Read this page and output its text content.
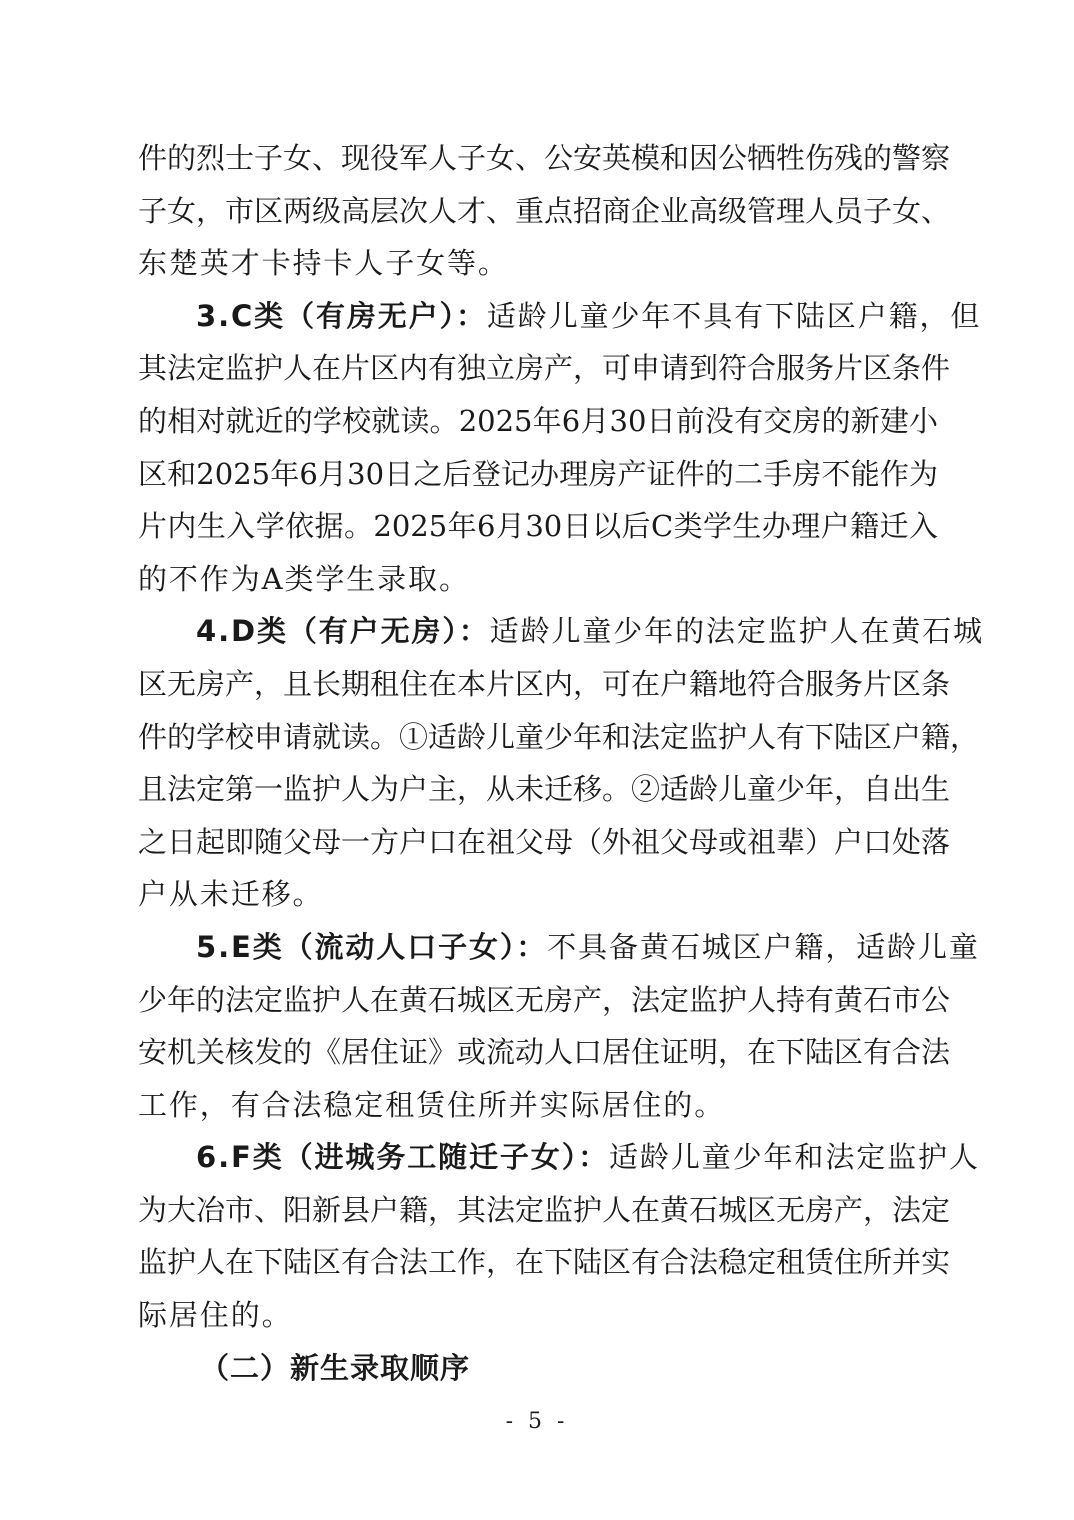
件的烈士子女、现役军人子女、公安英模和因公牺牲伤残的警察
子女，市区两级高层次人才、重点招商企业高级管理人员子女、
东楚英才卡持卡人子女等。
3.C类（有房无户）：适龄儿童少年不具有下陆区户籍，但
其法定监护人在片区内有独立房产，可申请到符合服务片区条件
的相对就近的学校就读。2025年6月30日前没有交房的新建小
区和2025年6月30日之后登记办理房产证件的二手房不能作为
片内生入学依据。2025年6月30日以后C类学生办理户籍迁入
的不作为A类学生录取。
4.D类（有户无房）：适龄儿童少年的法定监护人在黄石城
区无房产，且长期租住在本片区内，可在户籍地符合服务片区条
件的学校申请就读。①适龄儿童少年和法定监护人有下陆区户籍，
且法定第一监护人为户主，从未迁移。②适龄儿童少年，自出生
之日起即随父母一方户口在祖父母（外祖父母或祖辈）户口处落
户从未迁移。
5.E类（流动人口子女）：不具备黄石城区户籍，适龄儿童
少年的法定监护人在黄石城区无房产，法定监护人持有黄石市公
安机关核发的《居住证》或流动人口居住证明，在下陆区有合法
工作，有合法稳定租赁住所并实际居住的。
6.F类（进城务工随迁子女）：适龄儿童少年和法定监护人
为大冶市、阳新县户籍，其法定监护人在黄石城区无房产，法定
监护人在下陆区有合法工作，在下陆区有合法稳定租赁住所并实
际居住的。
（二）新生录取顺序
- 5 -
